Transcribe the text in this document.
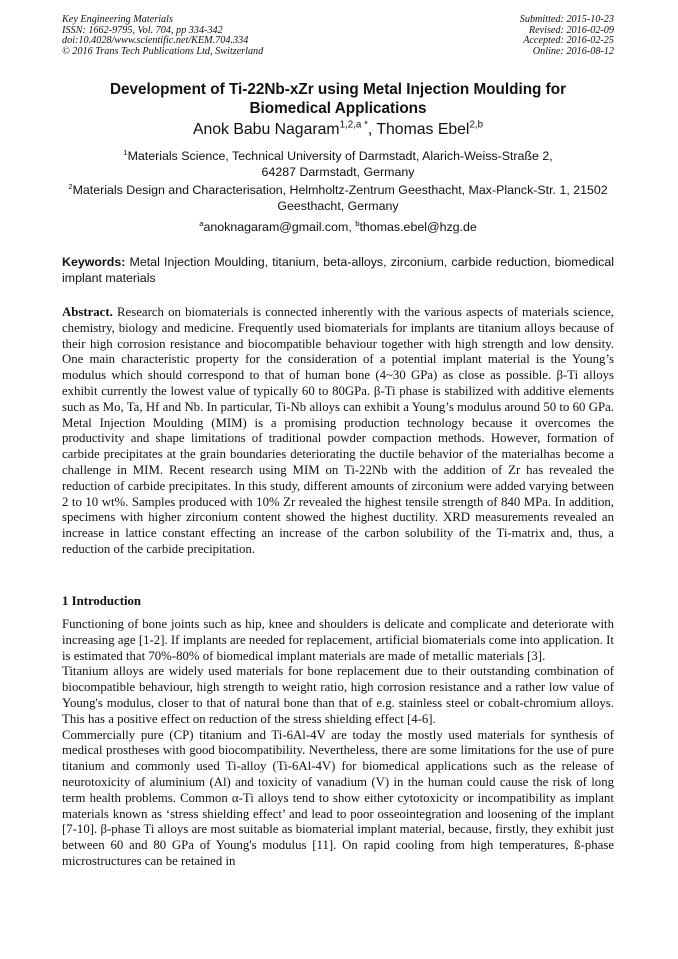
Key Engineering Materials
ISSN: 1662-9795, Vol. 704, pp 334-342
doi:10.4028/www.scientific.net/KEM.704.334
© 2016 Trans Tech Publications Ltd, Switzerland
Submitted: 2015-10-23
Revised: 2016-02-09
Accepted: 2016-02-25
Online: 2016-08-12
Development of Ti-22Nb-xZr using Metal Injection Moulding for
Biomedical Applications
Anok Babu Nagaram$^{1,2,a *}$, Thomas Ebel$^{2,b}$
$^1$Materials Science, Technical University of Darmstadt, Alarich-Weiss-Straße 2,
64287 Darmstadt, Germany
$^2$Materials Design and Characterisation, Helmholtz-Zentrum Geesthacht, Max-Planck-Str. 1, 21502
Geesthacht, Germany
$^a$anoknagaram@gmail.com, $^b$thomas.ebel@hzg.de
Keywords: Metal Injection Moulding, titanium, beta-alloys, zirconium, carbide reduction, biomedical implant materials
Abstract. Research on biomaterials is connected inherently with the various aspects of materials science, chemistry, biology and medicine. Frequently used biomaterials for implants are titanium alloys because of their high corrosion resistance and biocompatible behaviour together with high strength and low density. One main characteristic property for the consideration of a potential implant material is the Young’s modulus which should correspond to that of human bone (4~30 GPa) as close as possible. β-Ti alloys exhibit currently the lowest value of typically 60 to 80GPa. β-Ti phase is stabilized with additive elements such as Mo, Ta, Hf and Nb. In particular, Ti-Nb alloys can exhibit a Young’s modulus around 50 to 60 GPa. Metal Injection Moulding (MIM) is a promising production technology because it overcomes the productivity and shape limitations of traditional powder compaction methods. However, formation of carbide precipitates at the grain boundaries deteriorating the ductile behavior of the materialhas become a challenge in MIM. Recent research using MIM on Ti-22Nb with the addition of Zr has revealed the reduction of carbide precipitates. In this study, different amounts of zirconium were added varying between 2 to 10 wt%. Samples produced with 10% Zr revealed the highest tensile strength of 840 MPa. In addition, specimens with higher zirconium content showed the highest ductility. XRD measurements revealed an increase in lattice constant effecting an increase of the carbon solubility of the Ti-matrix and, thus, a reduction of the carbide precipitation.
1 Introduction

Functioning of bone joints such as hip, knee and shoulders is delicate and complicate and deteriorate with increasing age [1-2]. If implants are needed for replacement, artificial biomaterials come into application. It is estimated that 70%-80% of biomedical implant materials are made of metallic materials [3].

Titanium alloys are widely used materials for bone replacement due to their outstanding combination of biocompatible behaviour, high strength to weight ratio, high corrosion resistance and a rather low value of Young's modulus, closer to that of natural bone than that of e.g. stainless steel or cobalt-chromium alloys. This has a positive effect on reduction of the stress shielding effect [4-6].

Commercially pure (CP) titanium and Ti-6Al-4V are today the mostly used materials for synthesis of medical prostheses with good biocompatibility. Nevertheless, there are some limitations for the use of pure titanium and commonly used Ti-alloy (Ti-6Al-4V) for biomedical applications such as the release of neurotoxicity of aluminium (Al) and toxicity of vanadium (V) in the human could cause the risk of long term health problems. Common α-Ti alloys tend to show either cytotoxicity or incompatibility as implant materials known as ‘stress shielding effect’ and lead to poor osseointegration and loosening of the implant [7-10]. β-phase Ti alloys are most suitable as biomaterial implant material, because, firstly, they exhibit just between 60 and 80 GPa of Young's modulus [11]. On rapid cooling from high temperatures, ß-phase microstructures can be retained in
